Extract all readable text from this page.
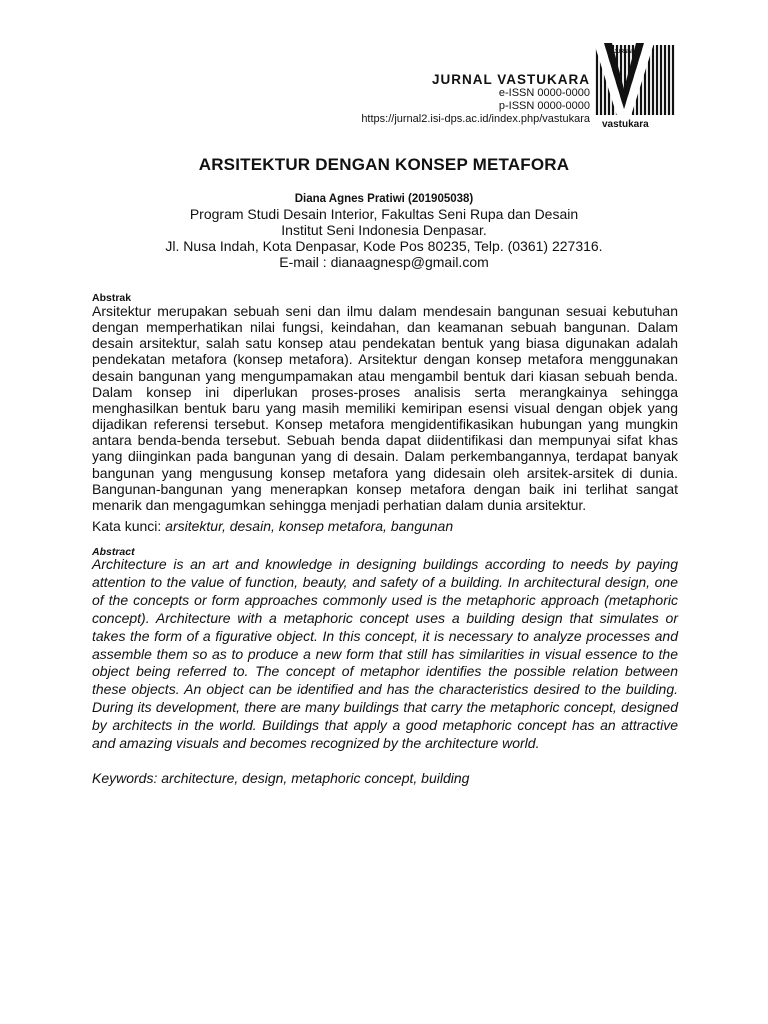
JURNAL VASTUKARA
e-ISSN 0000-0000
p-ISSN 0000-0000
https://jurnal2.isi-dps.ac.id/index.php/vastukara
JURNAL
vastukara
ARSITEKTUR DENGAN KONSEP METAFORA
Diana Agnes Pratiwi (201905038)
Program Studi Desain Interior, Fakultas Seni Rupa dan Desain
Institut Seni Indonesia Denpasar.
Jl. Nusa Indah, Kota Denpasar, Kode Pos 80235, Telp. (0361) 227316.
E-mail : dianaagnesp@gmail.com
Abstrak

Arsitektur merupakan sebuah seni dan ilmu dalam mendesain bangunan sesuai kebutuhan dengan memperhatikan nilai fungsi, keindahan, dan keamanan sebuah bangunan. Dalam desain arsitektur, salah satu konsep atau pendekatan bentuk yang biasa digunakan adalah pendekatan metafora (konsep metafora). Arsitektur dengan konsep metafora menggunakan desain bangunan yang mengumpamakan atau mengambil bentuk dari kiasan sebuah benda. Dalam konsep ini diperlukan proses-proses analisis serta merangkainya sehingga menghasilkan bentuk baru yang masih memiliki kemiripan esensi visual dengan objek yang dijadikan referensi tersebut. Konsep metafora mengidentifikasikan hubungan yang mungkin antara benda-benda tersebut. Sebuah benda dapat diidentifikasi dan mempunyai sifat khas yang diinginkan pada bangunan yang di desain. Dalam perkembangannya, terdapat banyak bangunan yang mengusung konsep metafora yang didesain oleh arsitek-arsitek di dunia. Bangunan-bangunan yang menerapkan konsep metafora dengan baik ini terlihat sangat menarik dan mengagumkan sehingga menjadi perhatian dalam dunia arsitektur.

Kata kunci: arsitektur, desain, konsep metafora, bangunan
Abstract

Architecture is an art and knowledge in designing buildings according to needs by paying attention to the value of function, beauty, and safety of a building. In architectural design, one of the concepts or form approaches commonly used is the metaphoric approach (metaphoric concept). Architecture with a metaphoric concept uses a building design that simulates or takes the form of a figurative object. In this concept, it is necessary to analyze processes and assemble them so as to produce a new form that still has similarities in visual essence to the object being referred to. The concept of metaphor identifies the possible relation between these objects. An object can be identified and has the characteristics desired to the building. During its development, there are many buildings that carry the metaphoric concept, designed by architects in the world. Buildings that apply a good metaphoric concept has an attractive and amazing visuals and becomes recognized by the architecture world.

Keywords: architecture, design, metaphoric concept, building
